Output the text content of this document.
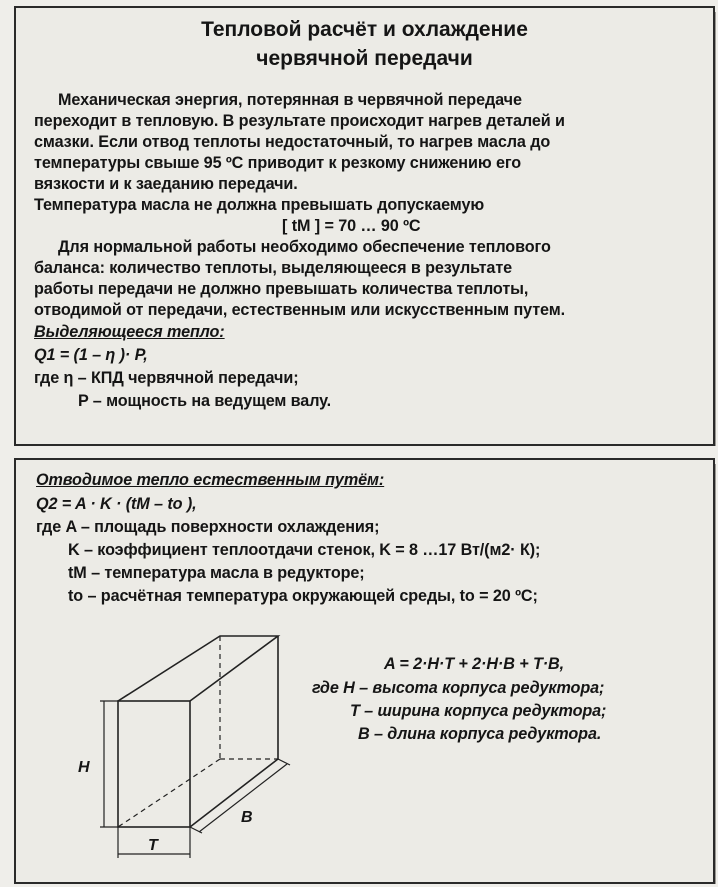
Тепловой расчёт и охлаждение
червячной передачи
Механическая энергия, потерянная в червячной передаче
переходит в тепловую. В результате происходит нагрев деталей и
смазки. Если отвод теплоты недостаточный, то нагрев масла до
температуры свыше 95 ºС приводит к резкому снижению его
вязкости и к заеданию передачи.
Температура масла не должна превышать допускаемую
[ tМ ] = 70 … 90 ºС
Для нормальной работы необходимо обеспечение теплового
баланса: количество теплоты, выделяющееся в результате
работы передачи не должно превышать количества теплоты,
отводимой от передачи, естественным или искусственным путем.
Выделяющееся тепло:
Q1 = (1 – η )· P,
где η – КПД червячной передачи;
P – мощность на ведущем валу.
Отводимое тепло естественным путём:
Q2 = A · K · (tМ – to ),
где A – площадь поверхности охлаждения;
K – коэффициент теплоотдачи стенок, K = 8 …17 Вт/(м2· К);
tМ – температура масла в редукторе;
to – расчётная температура окружающей среды, to = 20 ºС;
A = 2·H·T + 2·H·B + T·B,
где H – высота корпуса редуктора;
T – ширина корпуса редуктора;
B – длина корпуса редуктора.
H
T
B
